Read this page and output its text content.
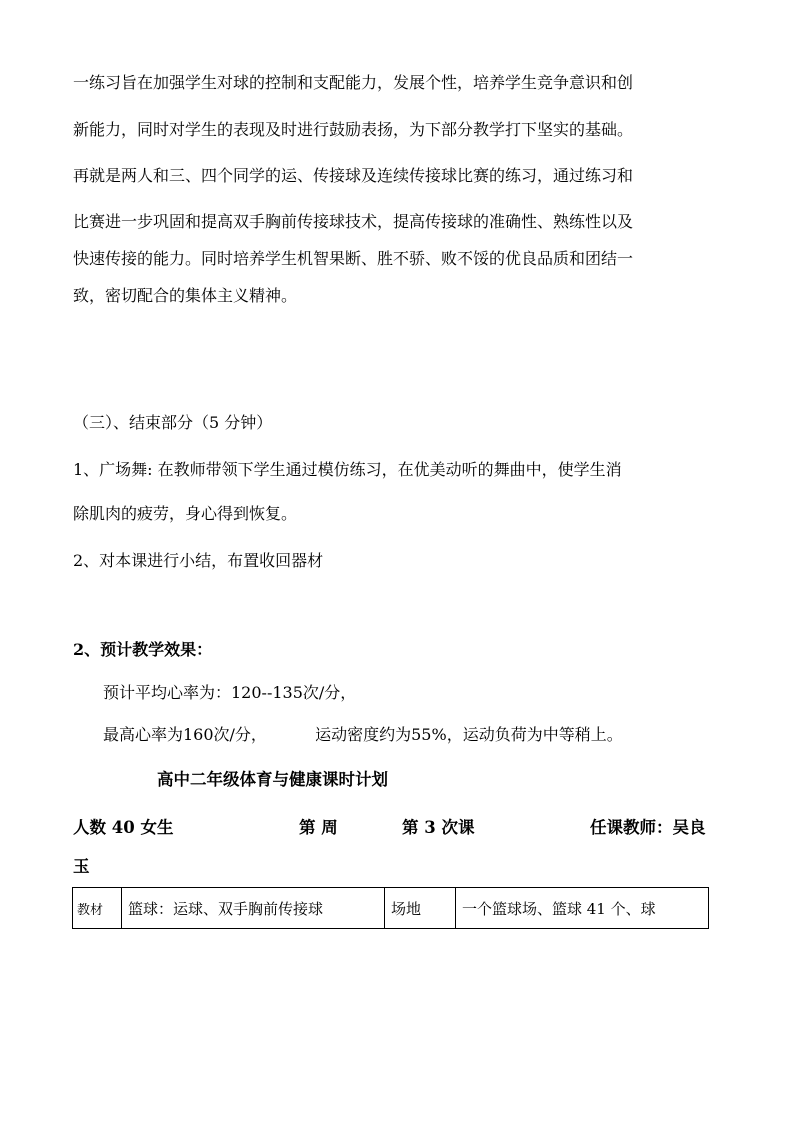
一练习旨在加强学生对球的控制和支配能力，发展个性，培养学生竞争意识和创
新能力，同时对学生的表现及时进行鼓励表扬，为下部分教学打下坚实的基础。
再就是两人和三、四个同学的运、传接球及连续传接球比赛的练习，通过练习和
比赛进一步巩固和提高双手胸前传接球技术，提高传接球的准确性、熟练性以及
快速传接的能力。同时培养学生机智果断、胜不骄、败不馁的优良品质和团结一
致，密切配合的集体主义精神。
（三）、结束部分（5 分钟）
1、广场舞: 在教师带领下学生通过模仿练习，在优美动听的舞曲中，使学生消
除肌肉的疲劳，身心得到恢复。
2、对本课进行小结，布置收回器材
2、预计教学效果：
预计平均心率为：120--135次/分，
最高心率为160次/分，	运动密度约为55%，运动负荷为中等稍上。
高中二年级体育与健康课时计划
人数 40 女生	第 周	第 3 次课	任课教师：吴良
玉
教材	篮球：运球、双手胸前传接球	场地	一个篮球场、篮球 41 个、球
